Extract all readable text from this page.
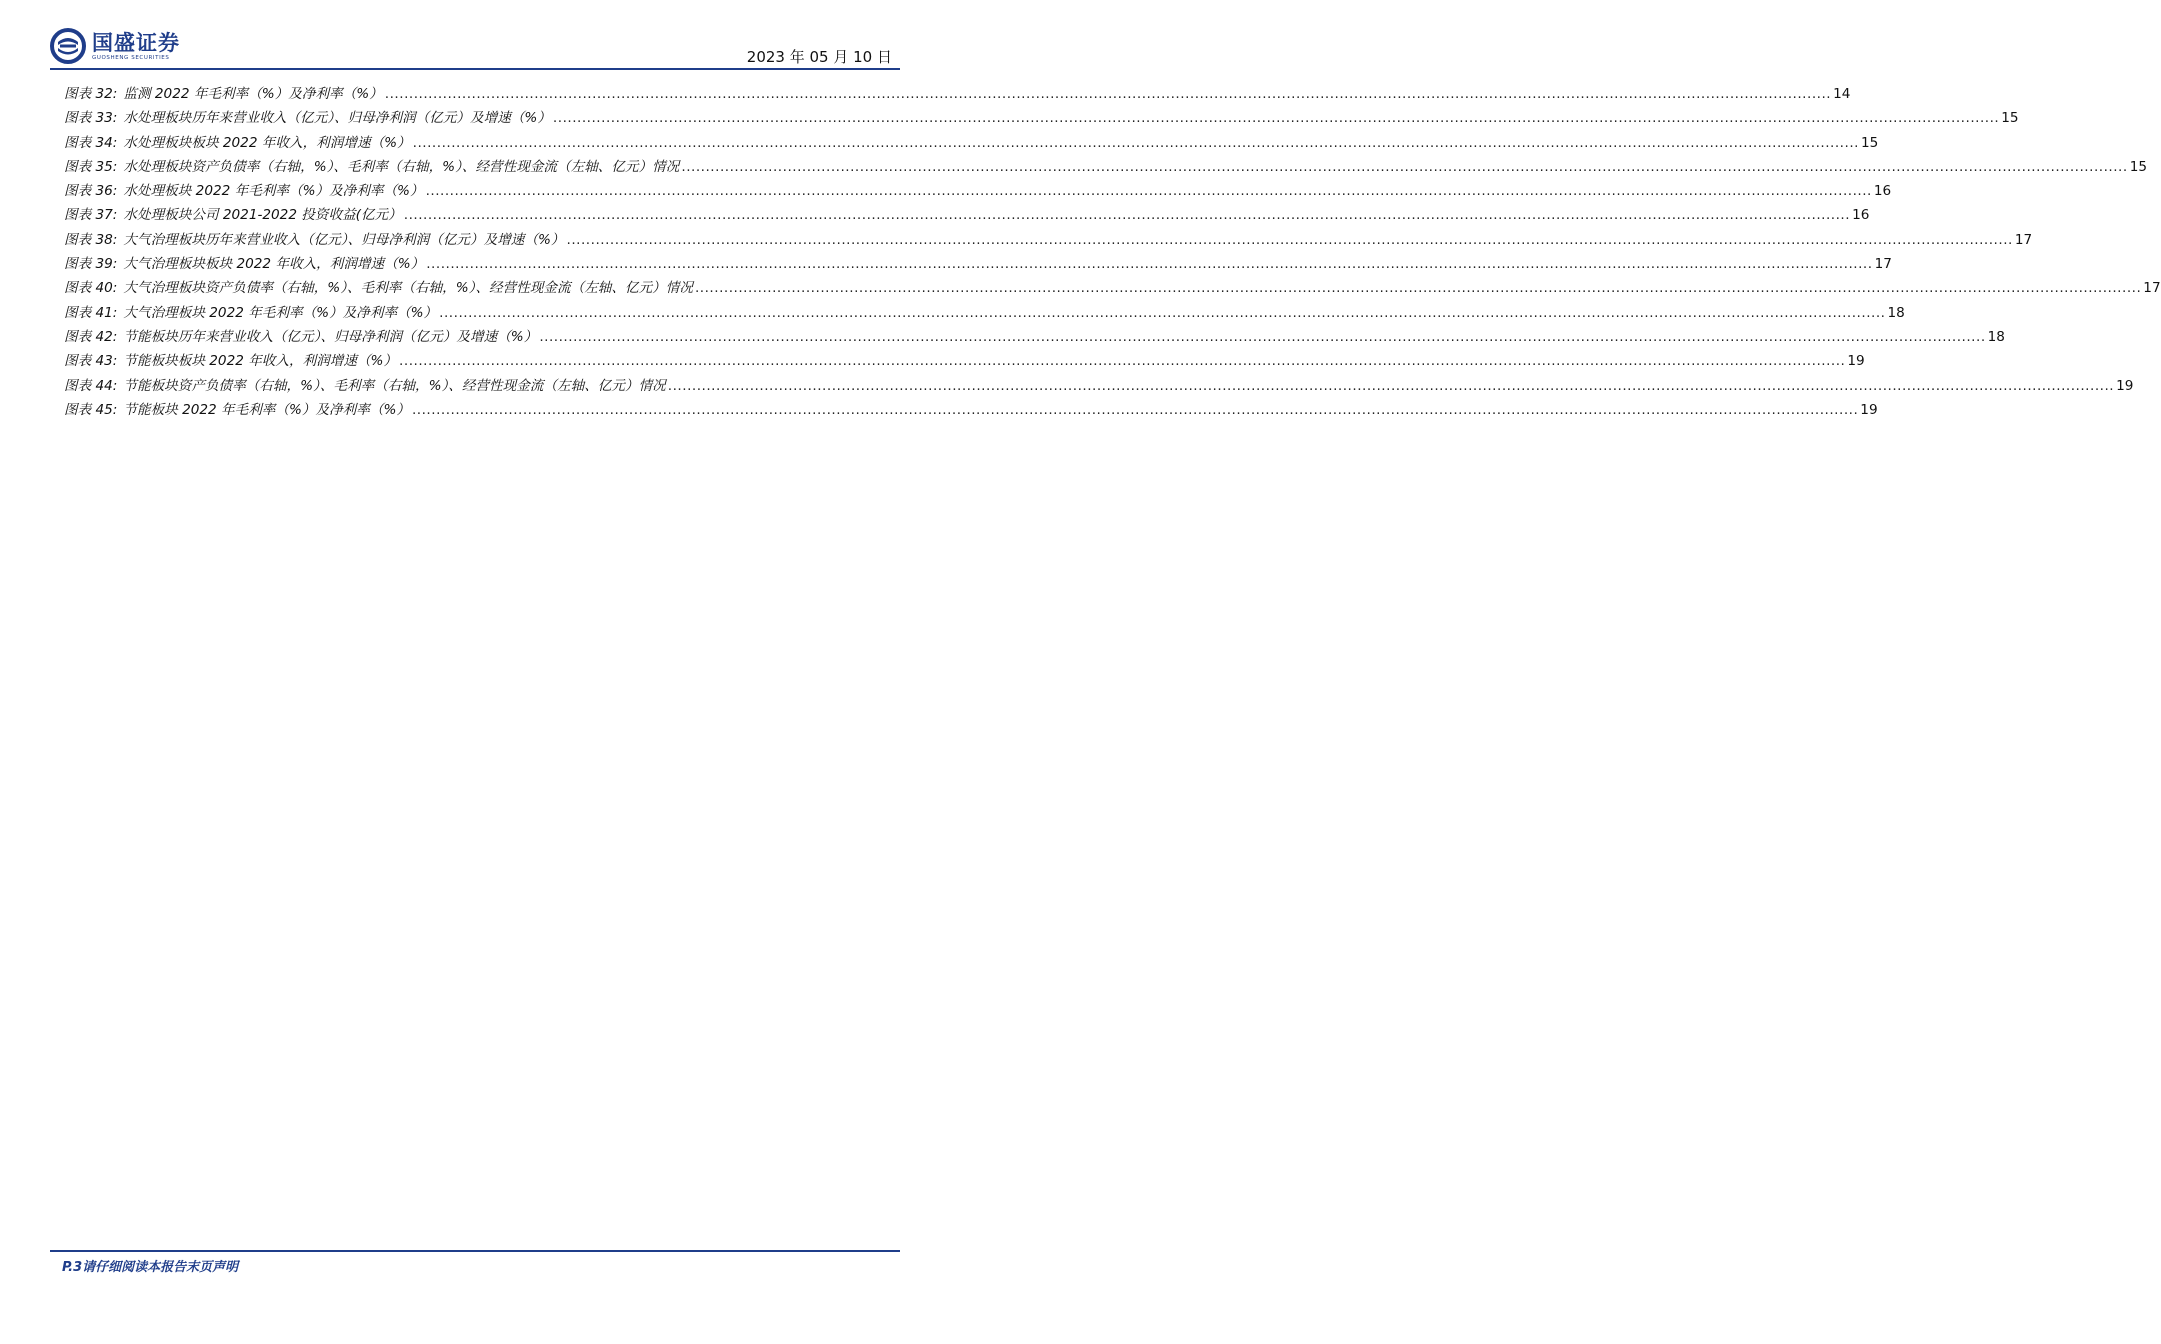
国盛证券
GUOSHENG SECURITIES	2023 年 05 月 10 日
图表 32: 监测 2022 年毛利率（%）及净利率（%） ............................................................................................................................................................................................................................................................................................................ 14
图表 33: 水处理板块历年来营业收入（亿元）、归母净利润（亿元）及增速（%） ............................................................................................................................................................................................................................................................................................................ 15
图表 34: 水处理板块板块 2022 年收入，利润增速（%） ............................................................................................................................................................................................................................................................................................................ 15
图表 35: 水处理板块资产负债率（右轴，%）、毛利率（右轴，%）、经营性现金流（左轴、亿元）情况 ............................................................................................................................................................................................................................................................................................................ 15
图表 36: 水处理板块 2022 年毛利率（%）及净利率（%） ............................................................................................................................................................................................................................................................................................................ 16
图表 37: 水处理板块公司 2021-2022 投资收益(亿元） ............................................................................................................................................................................................................................................................................................................ 16
图表 38: 大气治理板块历年来营业收入（亿元）、归母净利润（亿元）及增速（%） ............................................................................................................................................................................................................................................................................................................ 17
图表 39: 大气治理板块板块 2022 年收入，利润增速（%） ............................................................................................................................................................................................................................................................................................................ 17
图表 40: 大气治理板块资产负债率（右轴，%）、毛利率（右轴，%）、经营性现金流（左轴、亿元）情况 ............................................................................................................................................................................................................................................................................................................ 17
图表 41: 大气治理板块 2022 年毛利率（%）及净利率（%） ............................................................................................................................................................................................................................................................................................................ 18
图表 42: 节能板块历年来营业收入（亿元）、归母净利润（亿元）及增速（%） ............................................................................................................................................................................................................................................................................................................ 18
图表 43: 节能板块板块 2022 年收入，利润增速（%） ............................................................................................................................................................................................................................................................................................................ 19
图表 44: 节能板块资产负债率（右轴，%）、毛利率（右轴，%）、经营性现金流（左轴、亿元）情况 ............................................................................................................................................................................................................................................................................................................ 19
图表 45: 节能板块 2022 年毛利率（%）及净利率（%） ............................................................................................................................................................................................................................................................................................................ 19
P.3请仔细阅读本报告末页声明
